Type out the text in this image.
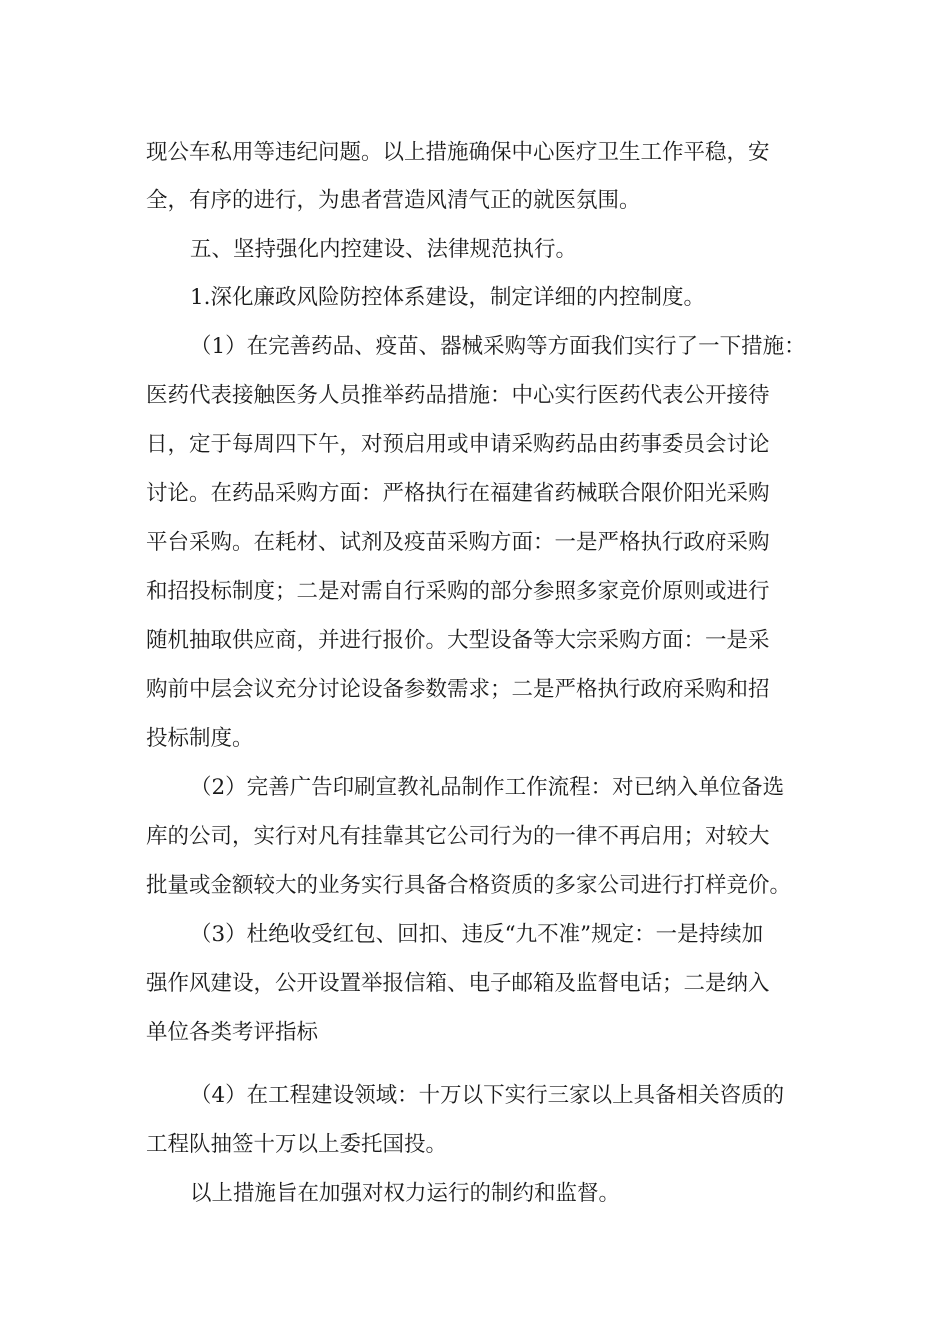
现公车私用等违纪问题。以上措施确保中心医疗卫生工作平稳，安
全，有序的进行，为患者营造风清气正的就医氛围。
五、坚持强化内控建设、法律规范执行。
1.深化廉政风险防控体系建设，制定详细的内控制度。
（1）在完善药品、疫苗、器械采购等方面我们实行了一下措施：
医药代表接触医务人员推举药品措施：中心实行医药代表公开接待
日，定于每周四下午，对预启用或申请采购药品由药事委员会讨论
讨论。在药品采购方面：严格执行在福建省药械联合限价阳光采购
平台采购。在耗材、试剂及疫苗采购方面：一是严格执行政府采购
和招投标制度；二是对需自行采购的部分参照多家竞价原则或进行
随机抽取供应商，并进行报价。大型设备等大宗采购方面：一是采
购前中层会议充分讨论设备参数需求；二是严格执行政府采购和招
投标制度。
（2）完善广告印刷宣教礼品制作工作流程：对已纳入单位备选
库的公司，实行对凡有挂靠其它公司行为的一律不再启用；对较大
批量或金额较大的业务实行具备合格资质的多家公司进行打样竞价。
（3）杜绝收受红包、回扣、违反“九不准”规定：一是持续加
强作风建设，公开设置举报信箱、电子邮箱及监督电话；二是纳入
单位各类考评指标
（4）在工程建设领域：十万以下实行三家以上具备相关咨质的
工程队抽签十万以上委托国投。
以上措施旨在加强对权力运行的制约和监督。
